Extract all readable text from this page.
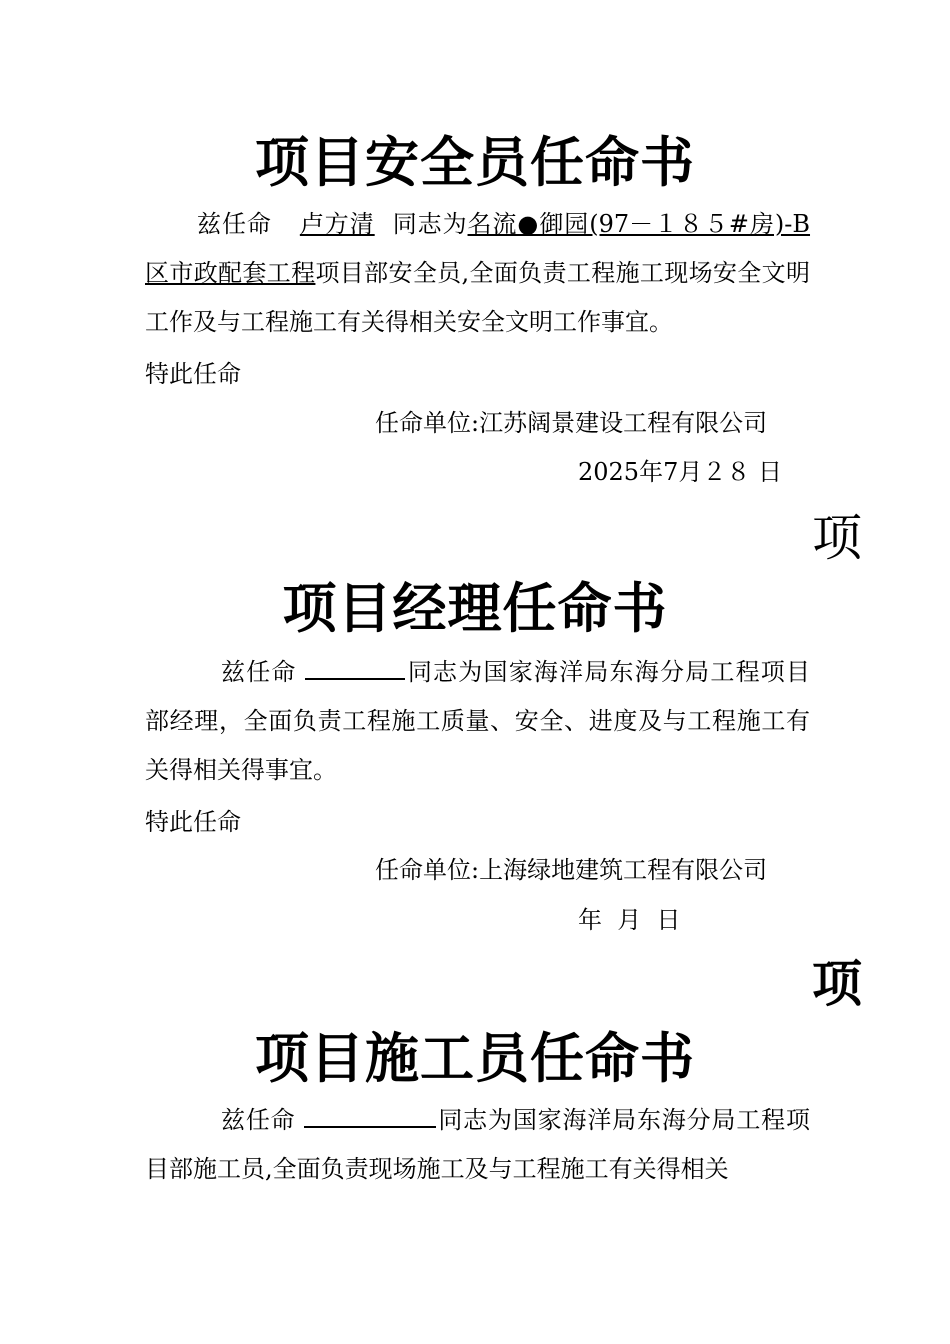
项目安全员任命书

兹任命 卢方清 同志为名流●御园(97－１８５#房)-B区市政配套工程项目部安全员,全面负责工程施工现场安全文明工作及与工程施工有关得相关安全文明工作事宜。

特此任命
任命单位:江苏阔景建设工程有限公司
2025年7月２８ 日
项
项目经理任命书

兹任命	同志为国家海洋局东海分局工程项目部经理，全面负责工程施工质量、安全、进度及与工程施工有关得相关得事宜。

特此任命
任命单位:上海绿地建筑工程有限公司
年  月  日
项
项目施工员任命书

兹任命	同志为国家海洋局东海分局工程项目部施工员,全面负责现场施工及与工程施工有关得相关
